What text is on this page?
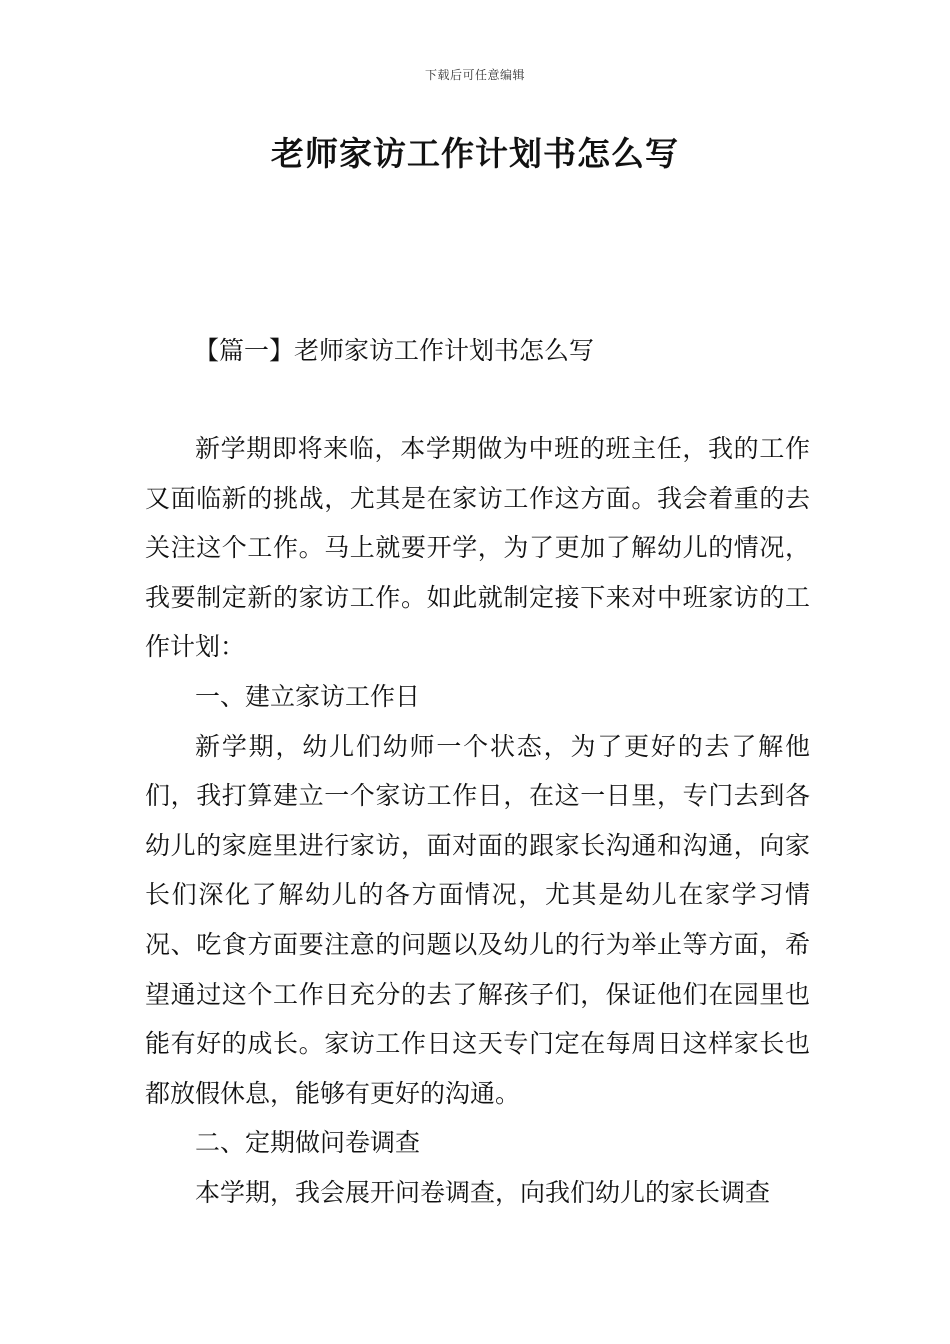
下载后可任意编辑
老师家访工作计划书怎么写
【篇一】老师家访工作计划书怎么写

新学期即将来临，本学期做为中班的班主任，我的工作又面临新的挑战，尤其是在家访工作这方面。我会着重的去关注这个工作。马上就要开学，为了更加了解幼儿的情况，我要制定新的家访工作。如此就制定接下来对中班家访的工作计划：

一、建立家访工作日

新学期，幼儿们幼师一个状态，为了更好的去了解他们，我打算建立一个家访工作日，在这一日里，专门去到各幼儿的家庭里进行家访，面对面的跟家长沟通和沟通，向家长们深化了解幼儿的各方面情况，尤其是幼儿在家学习情况、吃食方面要注意的问题以及幼儿的行为举止等方面，希望通过这个工作日充分的去了解孩子们，保证他们在园里也能有好的成长。家访工作日这天专门定在每周日这样家长也都放假休息，能够有更好的沟通。

二、定期做问卷调查

本学期，我会展开问卷调查，向我们幼儿的家长调查
